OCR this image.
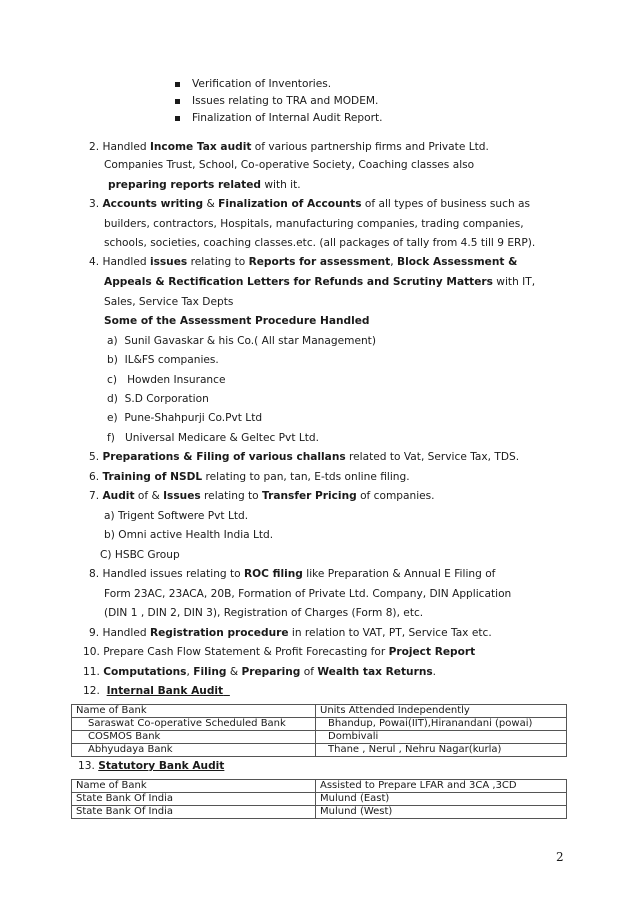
Verification of Inventories.
Issues relating to TRA and MODEM.
Finalization of Internal Audit Report.
2. Handled Income Tax audit of various partnership firms and Private Ltd.
Companies Trust, School, Co-operative Society, Coaching classes also
preparing reports related with it.
3. Accounts writing & Finalization of Accounts of all types of business such as
builders, contractors, Hospitals, manufacturing companies, trading companies,
schools, societies, coaching classes.etc. (all packages of tally from 4.5 till 9 ERP).
4. Handled issues relating to Reports for assessment, Block Assessment &
Appeals & Rectification Letters for Refunds and Scrutiny Matters with IT,
Sales, Service Tax Depts
Some of the Assessment Procedure Handled
a) Sunil Gavaskar & his Co.( All star Management)
b) IL&FS companies.
c) Howden Insurance
d) S.D Corporation
e) Pune-Shahpurji Co.Pvt Ltd
f) Universal Medicare & Geltec Pvt Ltd.
5. Preparations & Filing of various challans related to Vat, Service Tax, TDS.
6. Training of NSDL relating to pan, tan, E-tds online filing.
7. Audit of & Issues relating to Transfer Pricing of companies.
a) Trigent Softwere Pvt Ltd.
b) Omni active Health India Ltd.
C) HSBC Group
8. Handled issues relating to ROC filing like Preparation & Annual E Filing of
Form 23AC, 23ACA, 20B, Formation of Private Ltd. Company, DIN Application
(DIN 1 , DIN 2, DIN 3), Registration of Charges (Form 8), etc.
9. Handled Registration procedure in relation to VAT, PT, Service Tax etc.
10. Prepare Cash Flow Statement & Profit Forecasting for Project Report
11. Computations, Filing & Preparing of Wealth tax Returns.
12. Internal Bank Audit
Name of Bank	Units Attended Independently
Saraswat Co-operative Scheduled Bank	Bhandup, Powai(IIT),Hiranandani (powai)
COSMOS Bank	Dombivali
Abhyudaya Bank	Thane , Nerul , Nehru Nagar(kurla)
13. Statutory Bank Audit
Name of Bank	Assisted to Prepare LFAR and 3CA ,3CD
State Bank Of India	Mulund (East)
State Bank Of India	Mulund (West)
2
